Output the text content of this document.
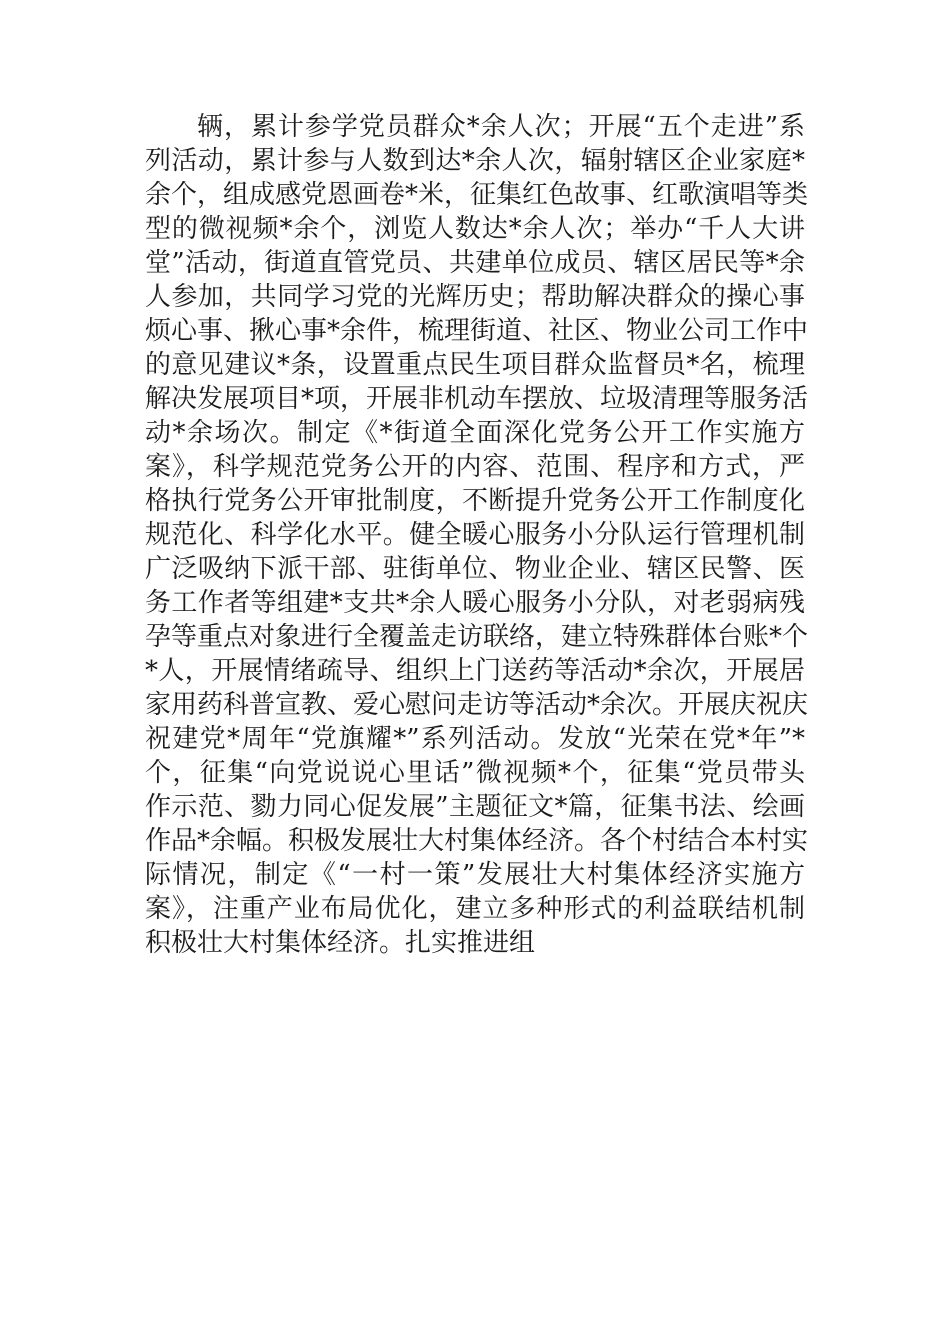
辆，累计参学党员群众*余人次；开展“五个走进”系
列活动，累计参与人数到达*余人次，辐射辖区企业家庭*
余个，组成感党恩画卷*米，征集红色故事、红歌演唱等类
型的微视频*余个，浏览人数达*余人次；举办“千人大讲
堂”活动，街道直管党员、共建单位成员、辖区居民等*余
人参加，共同学习党的光辉历史；帮助解决群众的操心事
烦心事、揪心事*余件，梳理街道、社区、物业公司工作中
的意见建议*条，设置重点民生项目群众监督员*名，梳理
解决发展项目*项，开展非机动车摆放、垃圾清理等服务活
动*余场次。制定《*街道全面深化党务公开工作实施方
案》，科学规范党务公开的内容、范围、程序和方式，严
格执行党务公开审批制度，不断提升党务公开工作制度化
规范化、科学化水平。健全暖心服务小分队运行管理机制
广泛吸纳下派干部、驻街单位、物业企业、辖区民警、医
务工作者等组建*支共*余人暖心服务小分队，对老弱病残
孕等重点对象进行全覆盖走访联络，建立特殊群体台账*个
*人，开展情绪疏导、组织上门送药等活动*余次，开展居
家用药科普宣教、爱心慰问走访等活动*余次。开展庆祝庆
祝建党*周年“党旗耀*”系列活动。发放“光荣在党*年”*
个，征集“向党说说心里话”微视频*个，征集“党员带头
作示范、勠力同心促发展”主题征文*篇，征集书法、绘画
作品*余幅。积极发展壮大村集体经济。各个村结合本村实
际情况，制定《“一村一策”发展壮大村集体经济实施方
案》，注重产业布局优化，建立多种形式的利益联结机制
积极壮大村集体经济。扎实推进组
